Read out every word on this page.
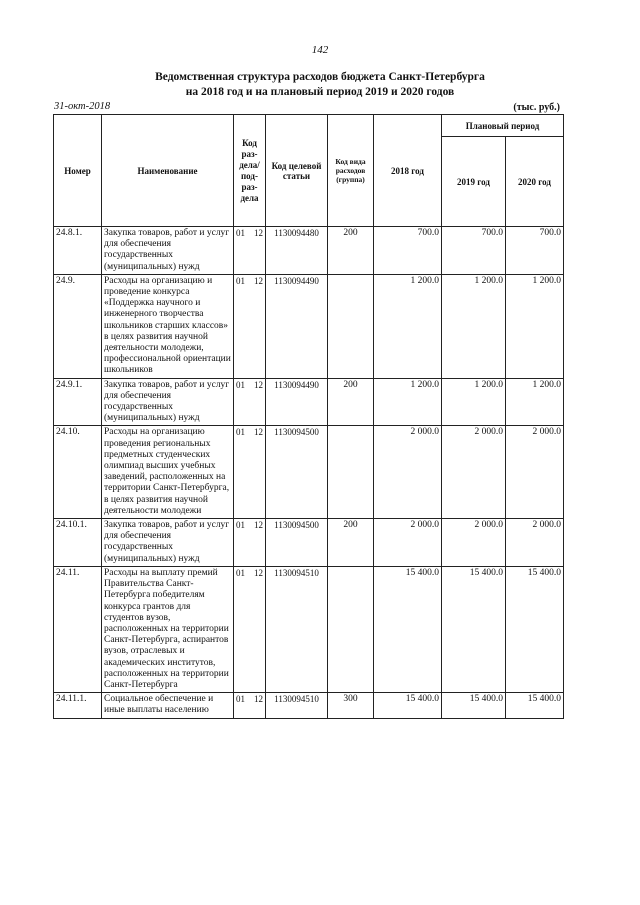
142
Ведомственная структура расходов бюджета Санкт-Петербурга
на 2018 год и на плановый период 2019 и 2020 годов
31-окт-2018	(тыс. руб.)
Номер	Наименование	Код раз-дела/ под-раз-дела	Код целевой статьи	Код вида расходов (группа)	2018 год	Плановый период	
						2019 год	2020 год
24.8.1.	Закупка товаров, работ и услуг для обеспечения государственных (муниципальных) нужд	01 12	1130094480	200	700.0	700.0	700.0
24.9.	Расходы на организацию и проведение конкурса «Поддержка научного и инженерного творчества школьников старших классов» в целях развития научной деятельности молодежи, профессиональной ориентации школьников	01 12	1130094490		1 200.0	1 200.0	1 200.0
24.9.1.	Закупка товаров, работ и услуг для обеспечения государственных (муниципальных) нужд	01 12	1130094490	200	1 200.0	1 200.0	1 200.0
24.10.	Расходы на организацию проведения региональных предметных студенческих олимпиад высших учебных заведений, расположенных на территории Санкт-Петербурга, в целях развития научной деятельности молодежи	01 12	1130094500		2 000.0	2 000.0	2 000.0
24.10.1.	Закупка товаров, работ и услуг для обеспечения государственных (муниципальных) нужд	01 12	1130094500	200	2 000.0	2 000.0	2 000.0
24.11.	Расходы на выплату премий Правительства Санкт-Петербурга победителям конкурса грантов для студентов вузов, расположенных на территории Санкт-Петербурга, аспирантов вузов, отраслевых и академических институтов, расположенных на территории Санкт-Петербурга	01 12	1130094510		15 400.0	15 400.0	15 400.0
24.11.1.	Социальное обеспечение и иные выплаты населению	01 12	1130094510	300	15 400.0	15 400.0	15 400.0
